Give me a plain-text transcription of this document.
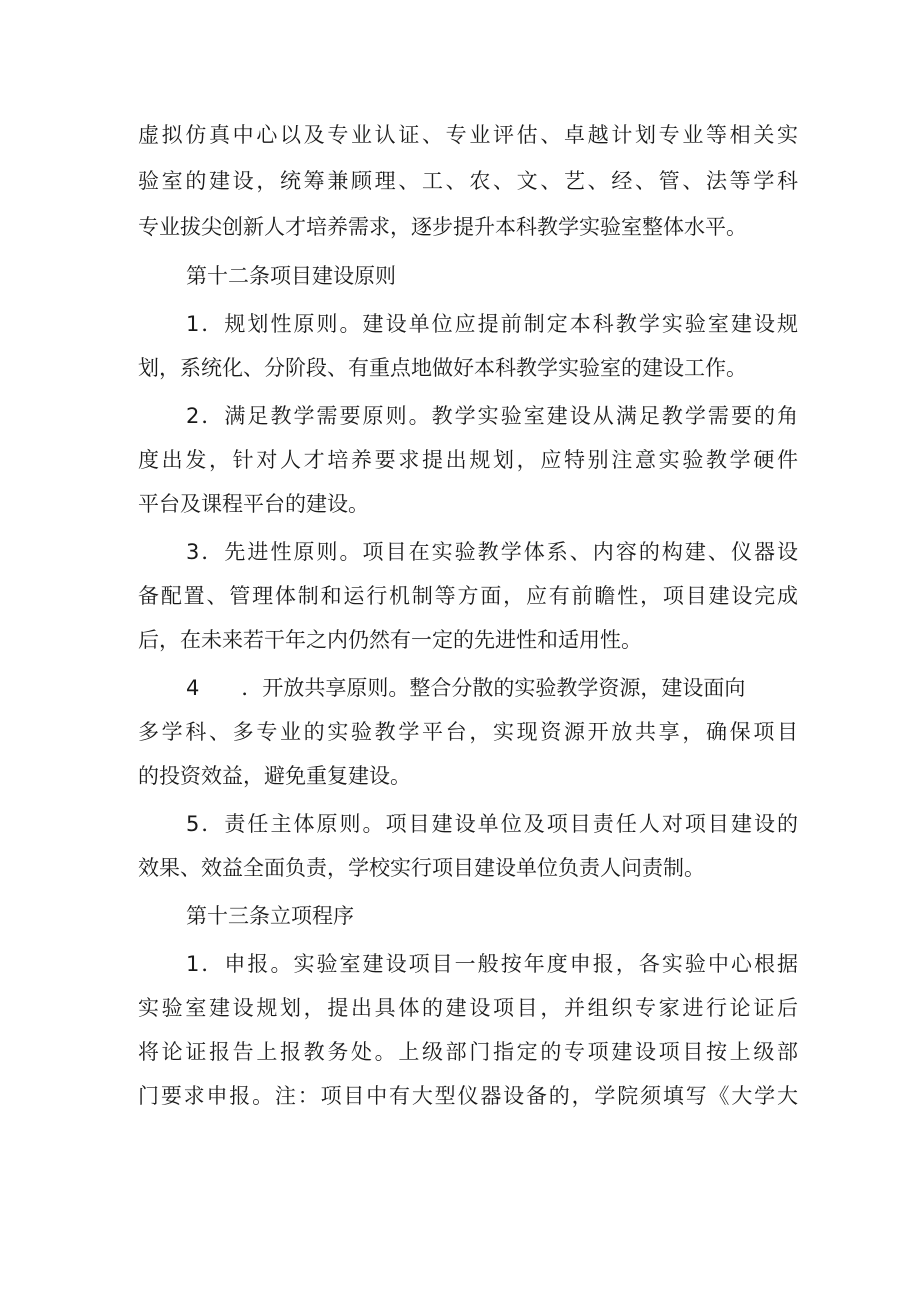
虚拟仿真中心以及专业认证、专业评估、卓越计划专业等相关实
验室的建设，统筹兼顾理、工、农、文、艺、经、管、法等学科
专业拔尖创新人才培养需求，逐步提升本科教学实验室整体水平。
第十二条项目建设原则
1．规划性原则。建设单位应提前制定本科教学实验室建设规
划，系统化、分阶段、有重点地做好本科教学实验室的建设工作。
2．满足教学需要原则。教学实验室建设从满足教学需要的角
度出发，针对人才培养要求提出规划，应特别注意实验教学硬件
平台及课程平台的建设。
3．先进性原则。项目在实验教学体系、内容的构建、仪器设
备配置、管理体制和运行机制等方面，应有前瞻性，项目建设完成
后，在未来若干年之内仍然有一定的先进性和适用性。
4　　．开放共享原则。整合分散的实验教学资源，建设面向
多学科、多专业的实验教学平台，实现资源开放共享，确保项目
的投资效益，避免重复建设。
5．责任主体原则。项目建设单位及项目责任人对项目建设的
效果、效益全面负责，学校实行项目建设单位负责人问责制。
第十三条立项程序
1．申报。实验室建设项目一般按年度申报，各实验中心根据
实验室建设规划，提出具体的建设项目，并组织专家进行论证后
将论证报告上报教务处。上级部门指定的专项建设项目按上级部
门要求申报。注：项目中有大型仪器设备的，学院须填写《大学大
